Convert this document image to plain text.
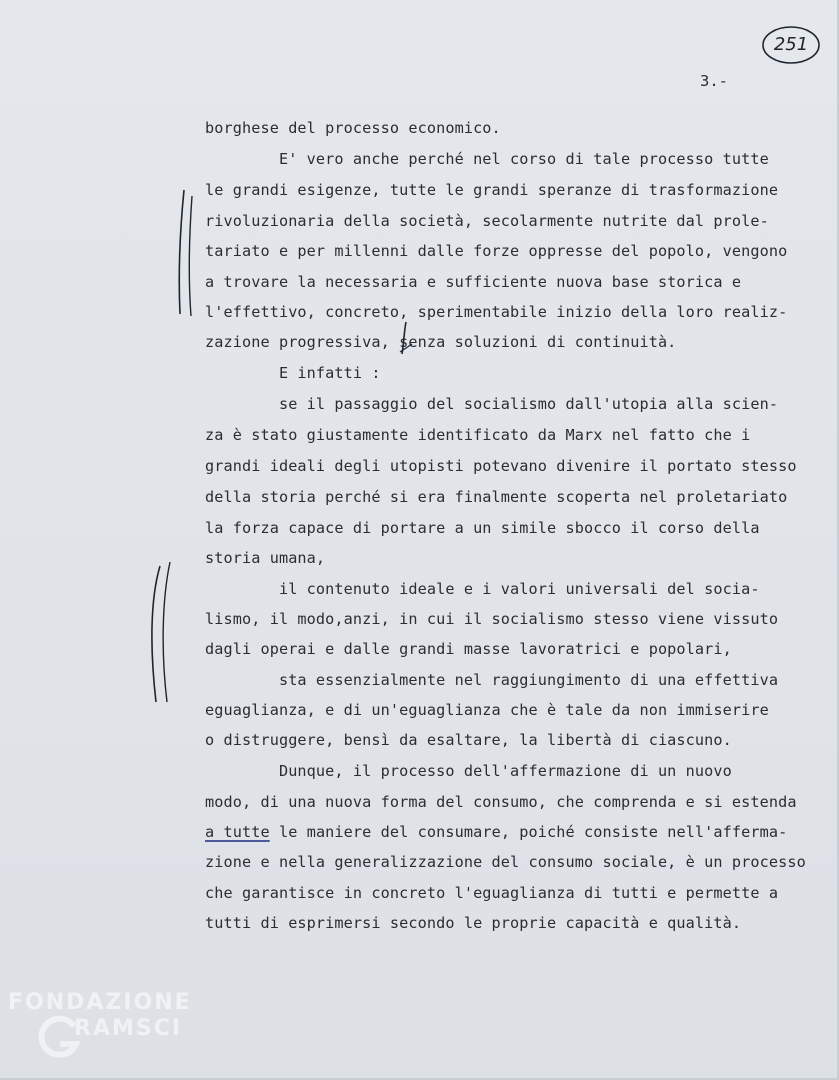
251
3.-
borghese del processo economico.
E' vero anche perché nel corso di tale processo tutte
le grandi esigenze, tutte le grandi speranze di trasformazione
rivoluzionaria della società, secolarmente nutrite dal prole-
tariato e per millenni dalle forze oppresse del popolo, vengono
a trovare la necessaria e sufficiente nuova base storica e
l'effettivo, concreto, sperimentabile inizio della loro realiz-
zazione progressiva, senza soluzioni di continuità.
E infatti :
se il passaggio del socialismo dall'utopia alla scien-
za è stato giustamente identificato da Marx nel fatto che i
grandi ideali degli utopisti potevano divenire il portato stesso
della storia perché si era finalmente scoperta nel proletariato
la forza capace di portare a un simile sbocco il corso della
storia umana,
il contenuto ideale e i valori universali del socia-
lismo, il modo,anzi, in cui il socialismo stesso viene vissuto
dagli operai e dalle grandi masse lavoratrici e popolari,
sta essenzialmente nel raggiungimento di una effettiva
eguaglianza, e di un'eguaglianza che è tale da non immiserire
o distruggere, bensì da esaltare, la libertà di ciascuno.
Dunque, il processo dell'affermazione di un nuovo
modo, di una nuova forma del consumo, che comprenda e si estenda
a tutte le maniere del consumare, poiché consiste nell'afferma-
zione e nella generalizzazione del consumo sociale, è un processo
che garantisce in concreto l'eguaglianza di tutti e permette a
tutti di esprimersi secondo le proprie capacità e qualità.
FONDAZIONE
RAMSCI
